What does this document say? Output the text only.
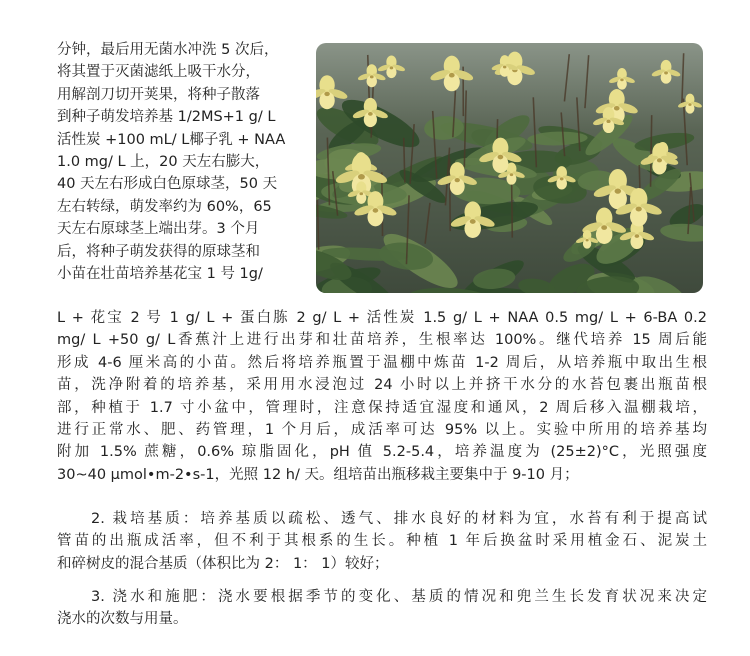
分钟，最后用无菌水冲洗 5 次后，
将其置于灭菌滤纸上吸干水分，
用解剖刀切开荚果，将种子散落
到种子萌发培养基 1/2MS+1 g/ L
活性炭 +100 mL/ L椰子乳 + NAA
1.0 mg/ L 上，20 天左右膨大，
40 天左右形成白色原球茎，50 天
左右转绿，萌发率约为 60%，65
天左右原球茎上端出芽。3 个月
后，将种子萌发获得的原球茎和
小苗在壮苗培养基花宝 1 号 1g/
L + 花宝 2 号 1 g/ L + 蛋白胨 2 g/ L + 活性炭 1.5 g/ L + NAA 0.5 mg/ L + 6-BA 0.2
mg/ L +50 g/ L香蕉汁上进行出芽和壮苗培养，生根率达 100%。继代培养 15 周后能
形成 4-6 厘米高的小苗。然后将培养瓶置于温棚中炼苗 1-2 周后，从培养瓶中取出生根
苗，洗净附着的培养基，采用用水浸泡过 24 小时以上并挤干水分的水苔包裹出瓶苗根
部，种植于 1.7 寸小盆中，管理时，注意保持适宜湿度和通风，2 周后移入温棚栽培，
进行正常水、肥、药管理，1 个月后，成活率可达 95% 以上。实验中所用的培养基均
附加 1.5% 蔗糖，0.6% 琼脂固化，pH 值 5.2-5.4，培养温度为 (25±2)°C，光照强度
30~40 μmol•m-2•s-1，光照 12 h/ 天。组培苗出瓶移栽主要集中于 9-10 月；
2. 栽培基质：培养基质以疏松、透气、排水良好的材料为宜，水苔有利于提高试
管苗的出瓶成活率，但不利于其根系的生长。种植 1 年后换盆时采用植金石、泥炭土
和碎树皮的混合基质（体积比为 2： 1： 1）较好；
3. 浇水和施肥：浇水要根据季节的变化、基质的情况和兜兰生长发育状况来决定
浇水的次数与用量。
